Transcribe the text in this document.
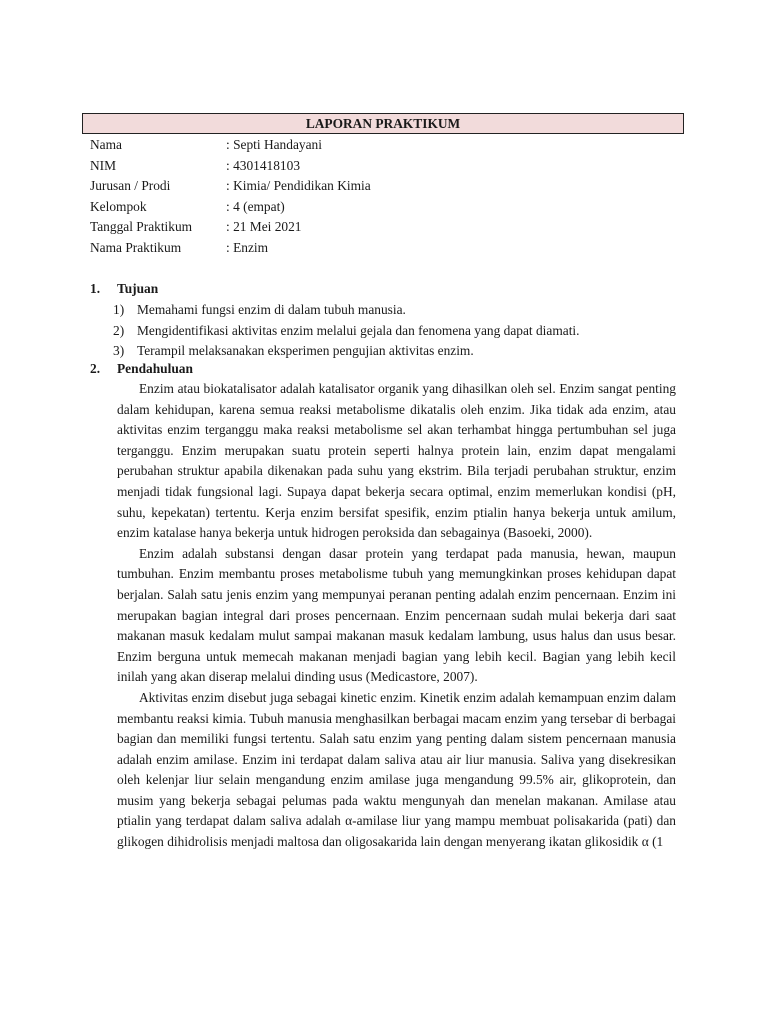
LAPORAN PRAKTIKUM
Nama	: Septi Handayani
NIM	: 4301418103
Jurusan / Prodi	: Kimia/ Pendidikan Kimia
Kelompok	: 4 (empat)
Tanggal Praktikum	: 21 Mei 2021
Nama Praktikum	: Enzim
1. Tujuan
1) Memahami fungsi enzim di dalam tubuh manusia.
2) Mengidentifikasi aktivitas enzim melalui gejala dan fenomena yang dapat diamati.
3) Terampil melaksanakan eksperimen pengujian aktivitas enzim.
2. Pendahuluan

Enzim atau biokatalisator adalah katalisator organik yang dihasilkan oleh sel. Enzim sangat penting dalam kehidupan, karena semua reaksi metabolisme dikatalis oleh enzim. Jika tidak ada enzim, atau aktivitas enzim terganggu maka reaksi metabolisme sel akan terhambat hingga pertumbuhan sel juga terganggu. Enzim merupakan suatu protein seperti halnya protein lain, enzim dapat mengalami perubahan struktur apabila dikenakan pada suhu yang ekstrim. Bila terjadi perubahan struktur, enzim menjadi tidak fungsional lagi. Supaya dapat bekerja secara optimal, enzim memerlukan kondisi (pH, suhu, kepekatan) tertentu. Kerja enzim bersifat spesifik, enzim ptialin hanya bekerja untuk amilum, enzim katalase hanya bekerja untuk hidrogen peroksida dan sebagainya (Basoeki, 2000).

Enzim adalah substansi dengan dasar protein yang terdapat pada manusia, hewan, maupun tumbuhan. Enzim membantu proses metabolisme tubuh yang memungkinkan proses kehidupan dapat berjalan. Salah satu jenis enzim yang mempunyai peranan penting adalah enzim pencernaan. Enzim ini merupakan bagian integral dari proses pencernaan. Enzim pencernaan sudah mulai bekerja dari saat makanan masuk kedalam mulut sampai makanan masuk kedalam lambung, usus halus dan usus besar. Enzim berguna untuk memecah makanan menjadi bagian yang lebih kecil. Bagian yang lebih kecil inilah yang akan diserap melalui dinding usus (Medicastore, 2007).

Aktivitas enzim disebut juga sebagai kinetic enzim. Kinetik enzim adalah kemampuan enzim dalam membantu reaksi kimia. Tubuh manusia menghasilkan berbagai macam enzim yang tersebar di berbagai bagian dan memiliki fungsi tertentu. Salah satu enzim yang penting dalam sistem pencernaan manusia adalah enzim amilase. Enzim ini terdapat dalam saliva atau air liur manusia. Saliva yang disekresikan oleh kelenjar liur selain mengandung enzim amilase juga mengandung 99.5% air, glikoprotein, dan musim yang bekerja sebagai pelumas pada waktu mengunyah dan menelan makanan. Amilase atau ptialin yang terdapat dalam saliva adalah α-amilase liur yang mampu membuat polisakarida (pati) dan glikogen dihidrolisis menjadi maltosa dan oligosakarida lain dengan menyerang ikatan glikosidik α (1
